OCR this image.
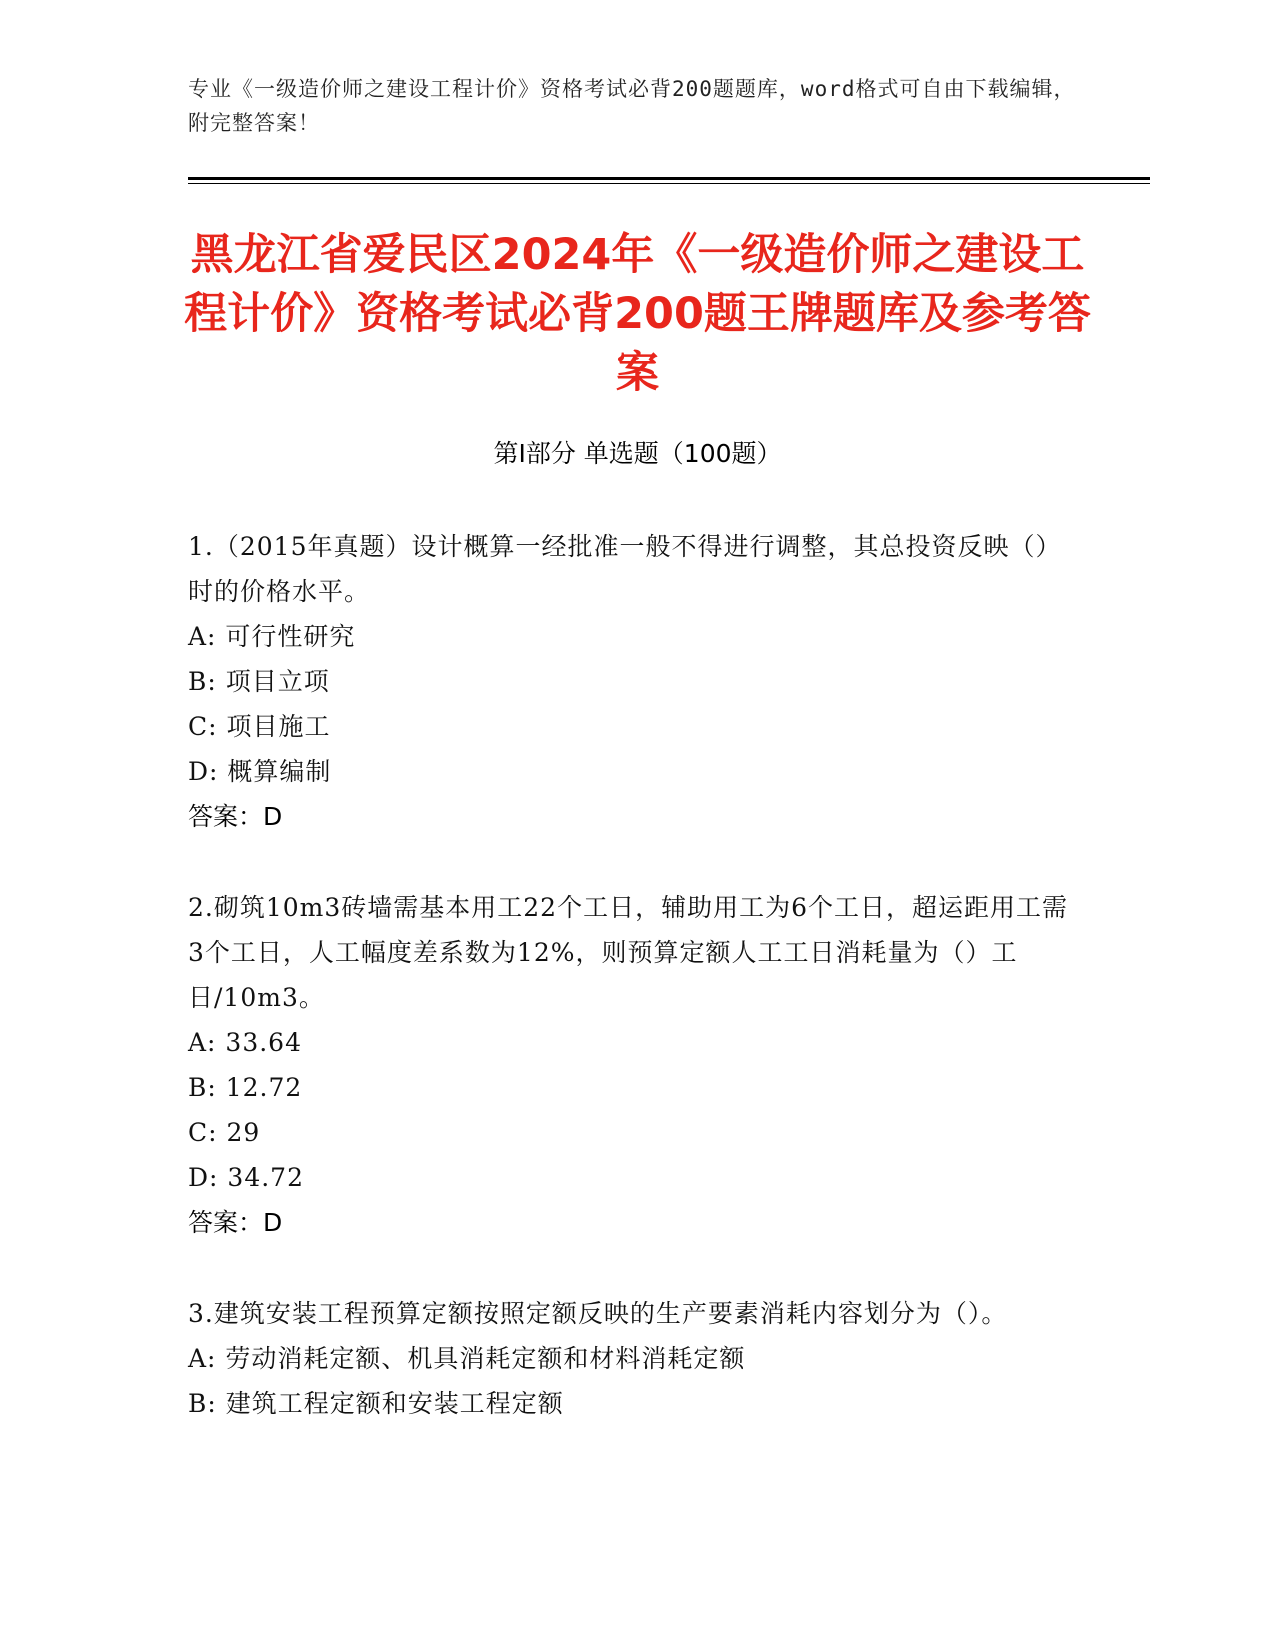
专业《一级造价师之建设工程计价》资格考试必背200题题库，word格式可自由下载编辑，附完整答案！
黑龙江省爱民区2024年《一级造价师之建设工程计价》资格考试必背200题王牌题库及参考答案
第Ⅰ部分 单选题（100题）

1.（2015年真题）设计概算一经批准一般不得进行调整，其总投资反映（）时的价格水平。

A: 可行性研究
B: 项目立项
C: 项目施工
D: 概算编制
答案：D

2.砌筑10m3砖墙需基本用工22个工日，辅助用工为6个工日，超运距用工需3个工日，人工幅度差系数为12%，则预算定额人工工日消耗量为（）工日/10m3。

A: 33.64
B: 12.72
C: 29
D: 34.72
答案：D

3.建筑安装工程预算定额按照定额反映的生产要素消耗内容划分为（）。

A: 劳动消耗定额、机具消耗定额和材料消耗定额
B: 建筑工程定额和安装工程定额
